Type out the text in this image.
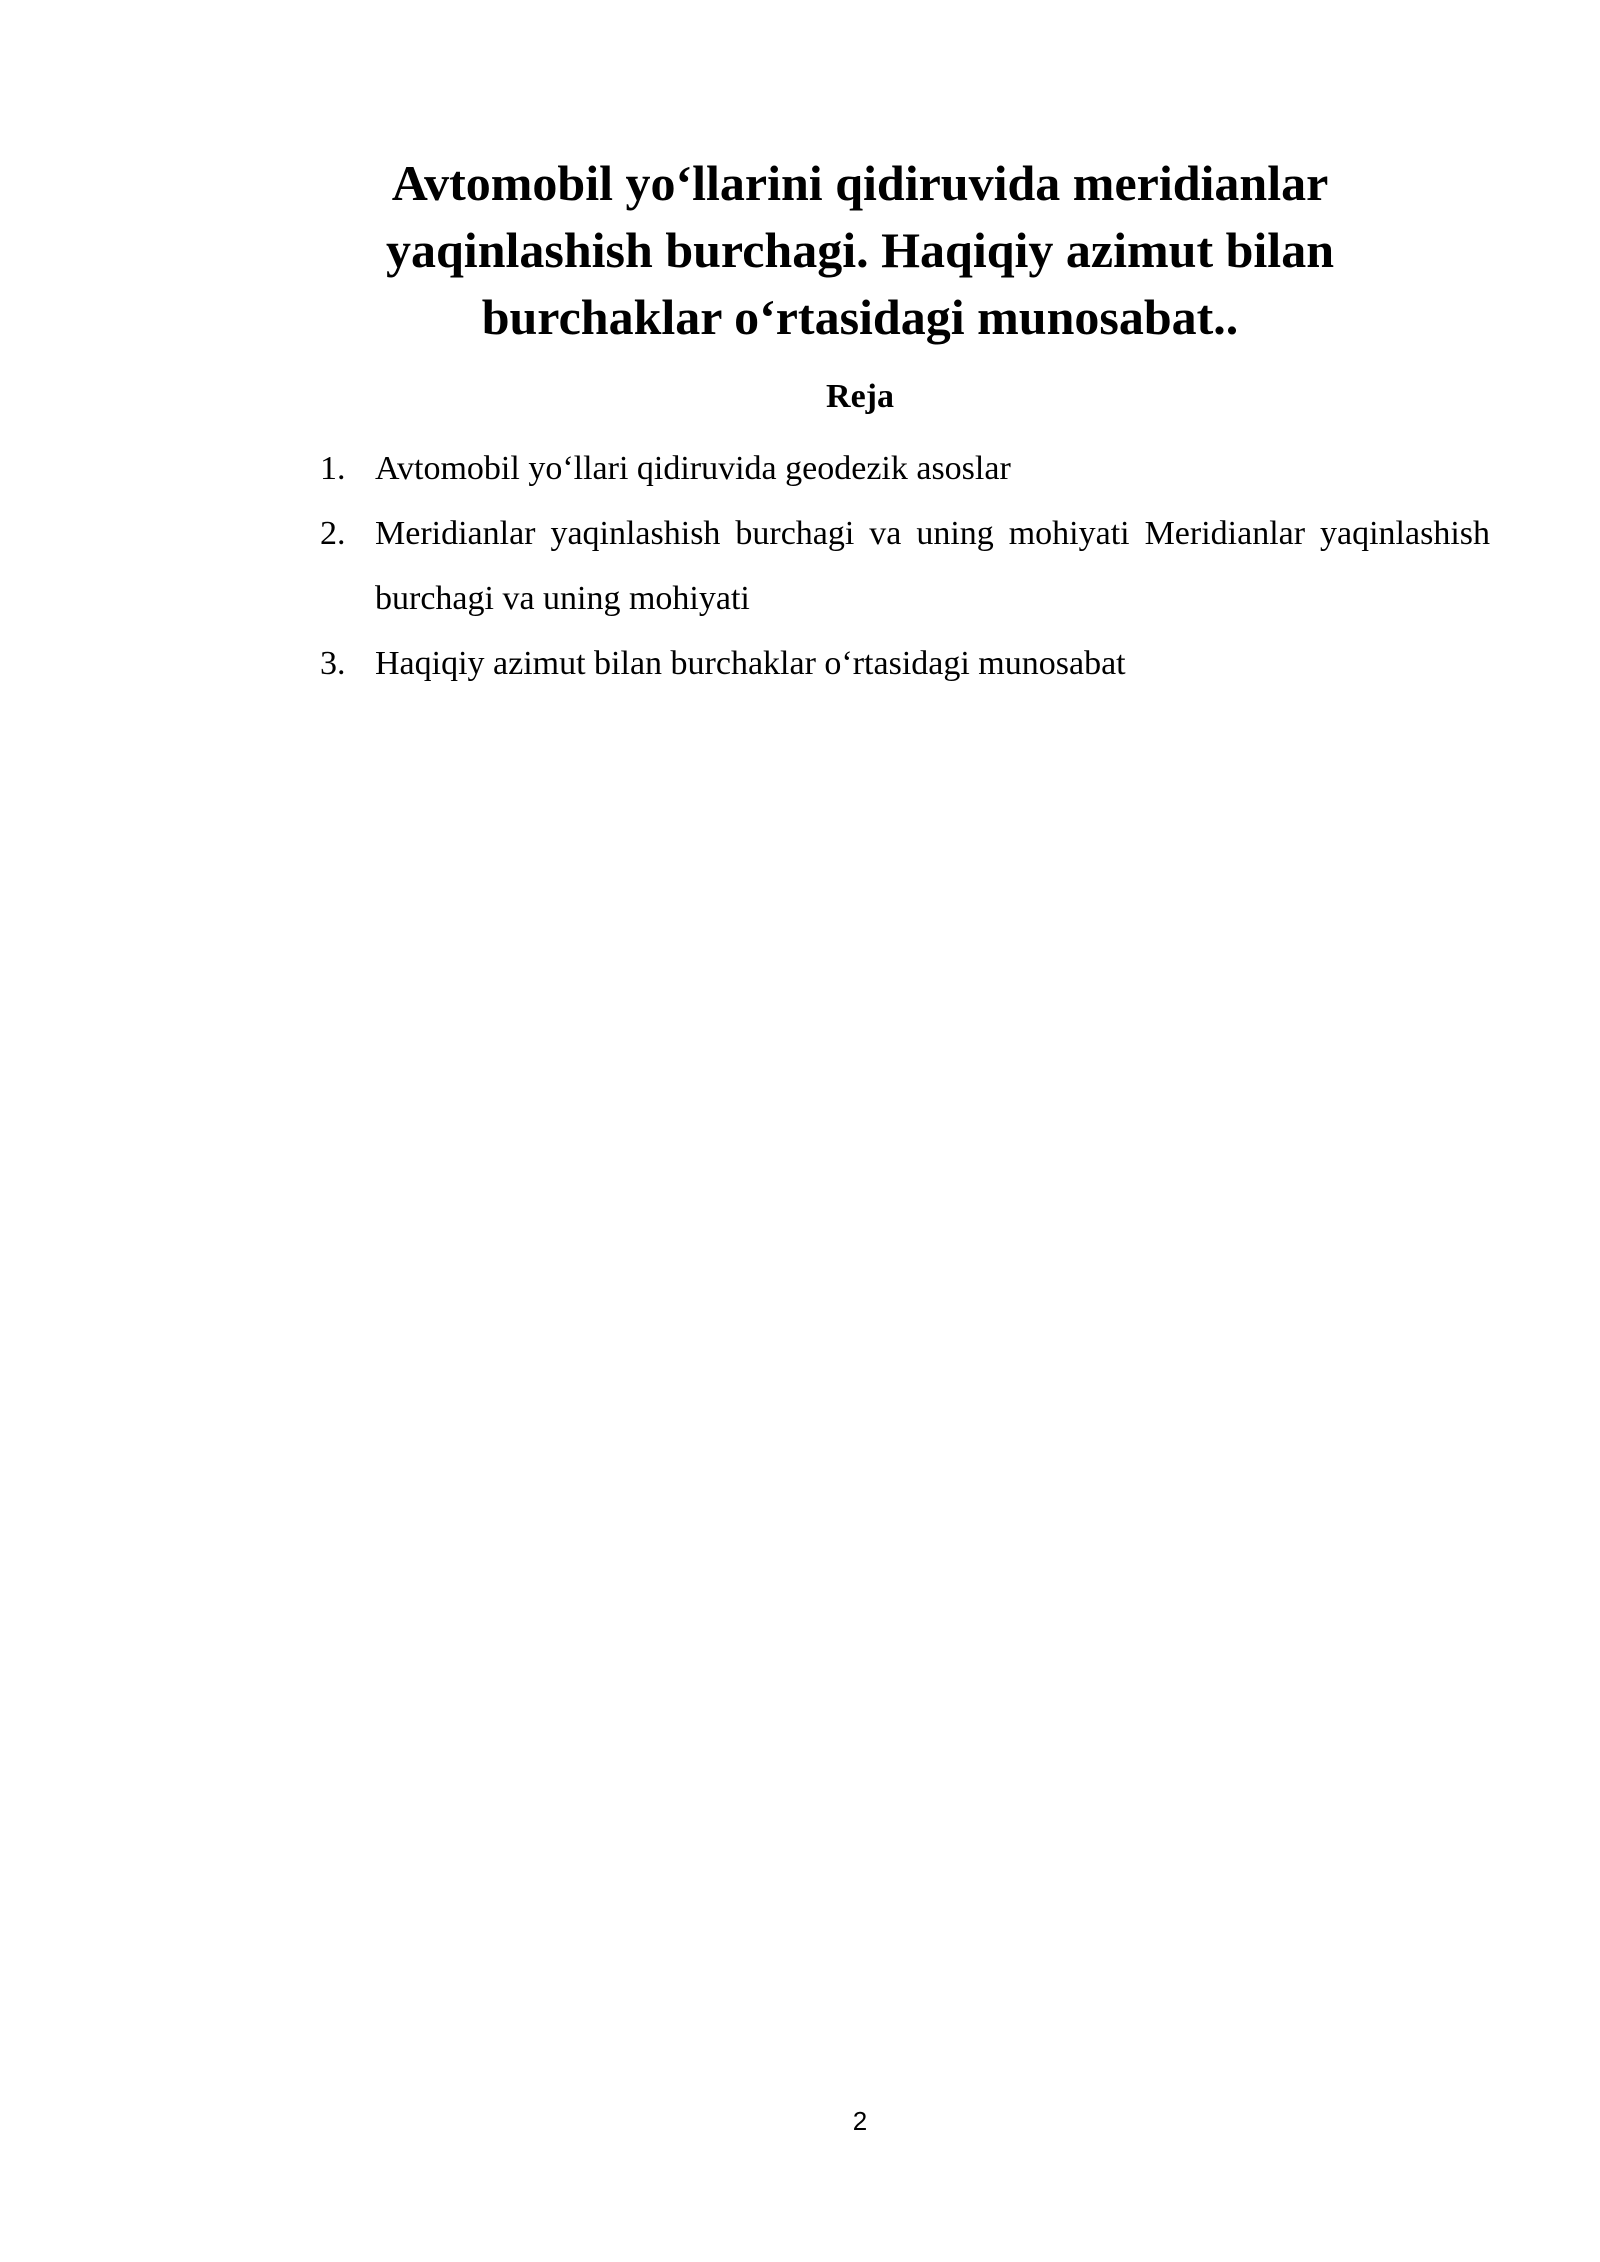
Avtomobil yo‘llarini qidiruvida meridianlar yaqinlashish burchagi. Haqiqiy azimut bilan burchaklar o‘rtasidagi munosabat..
Reja
1. Avtomobil yo‘llari qidiruvida geodezik asoslar
2. Meridianlar yaqinlashish burchagi va uning mohiyati Meridianlar yaqinlashish burchagi va uning mohiyati
3. Haqiqiy azimut bilan burchaklar o‘rtasidagi munosabat
2
